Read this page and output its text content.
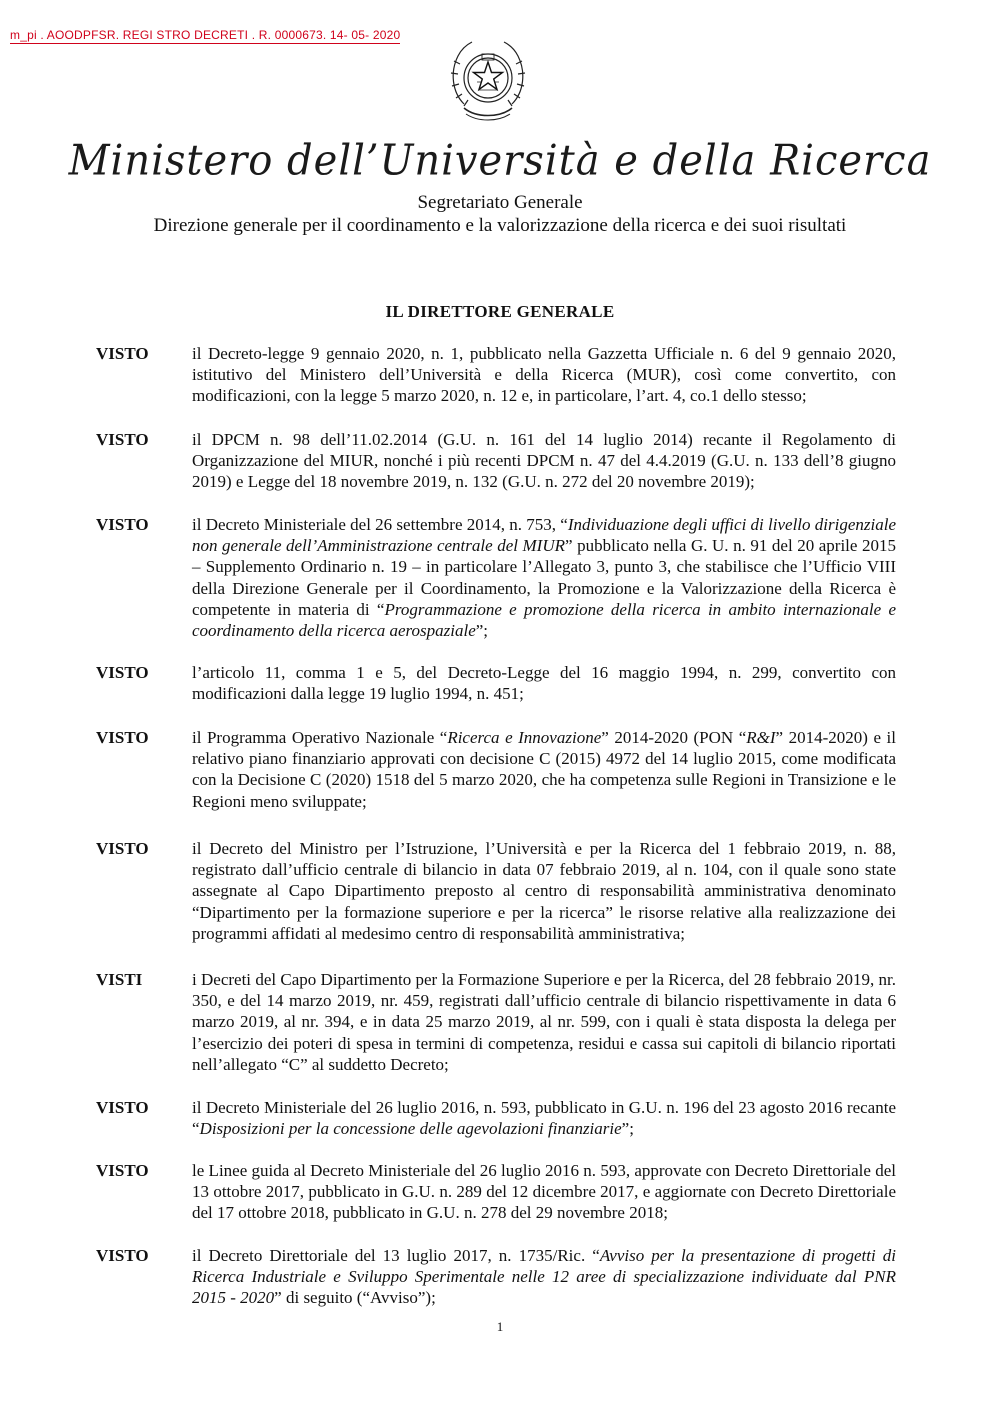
m_pi . AOODPFSR. REGI STRO DECRETI . R. 0000673. 14- 05- 2020
Ministero dell’Università e della Ricerca
Segretariato Generale
Direzione generale per il coordinamento e la valorizzazione della ricerca e dei suoi risultati
IL DIRETTORE GENERALE
VISTO	il Decreto-legge 9 gennaio 2020, n. 1, pubblicato nella Gazzetta Ufficiale n. 6 del 9 gennaio 2020, istitutivo del Ministero dell’Università e della Ricerca (MUR), così come convertito, con modificazioni, con la legge 5 marzo 2020, n. 12 e, in particolare, l’art. 4, co.1 dello stesso;
VISTO	il DPCM n. 98 dell’11.02.2014 (G.U. n. 161 del 14 luglio 2014) recante il Regolamento di Organizzazione del MIUR, nonché i più recenti DPCM n. 47 del 4.4.2019 (G.U. n. 133 dell’8 giugno 2019) e Legge del 18 novembre 2019, n. 132 (G.U. n. 272 del 20 novembre 2019);
VISTO	il Decreto Ministeriale del 26 settembre 2014, n. 753, “Individuazione degli uffici di livello dirigenziale non generale dell’Amministrazione centrale del MIUR” pubblicato nella G. U. n. 91 del 20 aprile 2015 – Supplemento Ordinario n. 19 – in particolare l’Allegato 3, punto 3, che stabilisce che l’Ufficio VIII della Direzione Generale per il Coordinamento, la Promozione e la Valorizzazione della Ricerca è competente in materia di “Programmazione e promozione della ricerca in ambito internazionale e coordinamento della ricerca aerospaziale”;
VISTO	l’articolo 11, comma 1 e 5, del Decreto-Legge del 16 maggio 1994, n. 299, convertito con modificazioni dalla legge 19 luglio 1994, n. 451;
VISTO	il Programma Operativo Nazionale “Ricerca e Innovazione” 2014-2020 (PON “R&I” 2014-2020) e il relativo piano finanziario approvati con decisione C (2015) 4972 del 14 luglio 2015, come modificata con la Decisione C (2020) 1518 del 5 marzo 2020, che ha competenza sulle Regioni in Transizione e le Regioni meno sviluppate;
VISTO	il Decreto del Ministro per l’Istruzione, l’Università e per la Ricerca del 1 febbraio 2019, n. 88, registrato dall’ufficio centrale di bilancio in data 07 febbraio 2019, al n. 104, con il quale sono state assegnate al Capo Dipartimento preposto al centro di responsabilità amministrativa denominato “Dipartimento per la formazione superiore e per la ricerca” le risorse relative alla realizzazione dei programmi affidati al medesimo centro di responsabilità amministrativa;
VISTI	i Decreti del Capo Dipartimento per la Formazione Superiore e per la Ricerca, del 28 febbraio 2019, nr. 350, e del 14 marzo 2019, nr. 459, registrati dall’ufficio centrale di bilancio rispettivamente in data 6 marzo 2019, al nr. 394, e in data 25 marzo 2019, al nr. 599, con i quali è stata disposta la delega per l’esercizio dei poteri di spesa in termini di competenza, residui e cassa sui capitoli di bilancio riportati nell’allegato “C” al suddetto Decreto;
VISTO	il Decreto Ministeriale del 26 luglio 2016, n. 593, pubblicato in G.U. n. 196 del 23 agosto 2016 recante “Disposizioni per la concessione delle agevolazioni finanziarie”;
VISTO	le Linee guida al Decreto Ministeriale del 26 luglio 2016 n. 593, approvate con Decreto Direttoriale del 13 ottobre 2017, pubblicato in G.U. n. 289 del 12 dicembre 2017, e aggiornate con Decreto Direttoriale del 17 ottobre 2018, pubblicato in G.U. n. 278 del 29 novembre 2018;
VISTO	il Decreto Direttoriale del 13 luglio 2017, n. 1735/Ric. “Avviso per la presentazione di progetti di Ricerca Industriale e Sviluppo Sperimentale nelle 12 aree di specializzazione individuate dal PNR 2015 - 2020” di seguito (“Avviso”);
1
